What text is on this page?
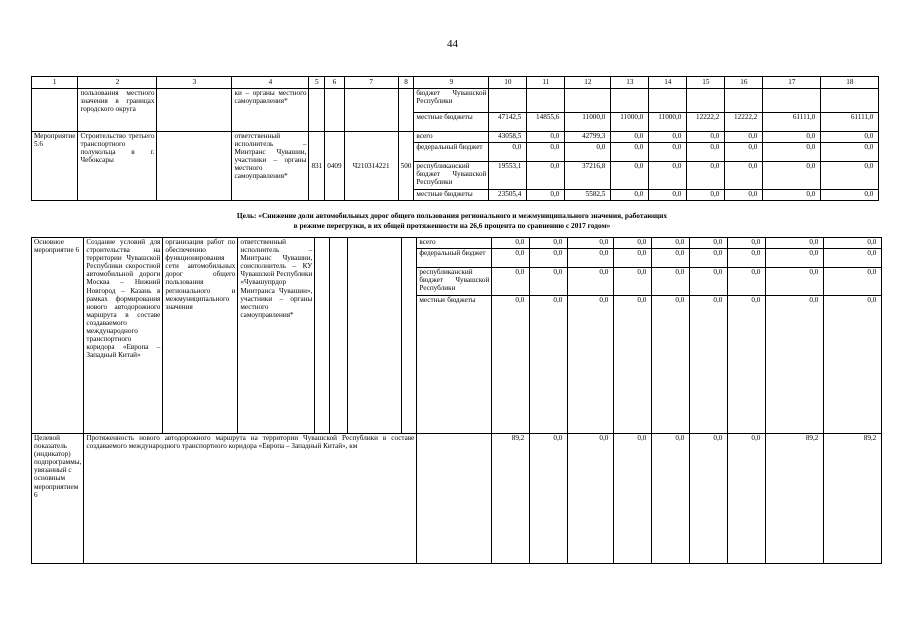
44
1	2	3	4	5	6	7	8	9	10	11	12	13	14	15	16	17	18
	пользования местного значения в границах городского округа		ки – органы местного самоуправления*					бюджет Чувашской Республики									
								местные бюджеты	47142,5	14855,6	11000,0	11000,0	11000,0	12222,2	12222,2	61111,0	61111,0
Мероприятие 5.6	Строительство третьего транспортного полукольца в г. Чебоксары		ответственный исполнитель – Минтранс Чувашии, участники – органы местного самоуправления*	831	0409	Ч210314221	500	всего	43058,5	0,0	42799,3	0,0	0,0	0,0	0,0	0,0	0,0
								федеральный бюджет	0,0	0,0	0,0	0,0	0,0	0,0	0,0	0,0	0,0
								республиканский бюджет Чувашской Республики	19553,1	0,0	37216,8	0,0	0,0	0,0	0,0	0,0	0,0
								местные бюджеты	23505,4	0,0	5582,5	0,0	0,0	0,0	0,0	0,0	0,0
Цель: «Снижение доли автомобильных дорог общего пользования регионального и межмуниципального значения, работающих
в режиме перегрузки, в их общей протяженности на 26,6 процента по сравнению с 2017 годом»
Основное мероприятие 6	Создание условий для строительства на территории Чувашской Республики скоростной автомобильной дороги Москва – Нижний Новгород – Казань в рамках формирования нового автодорожного маршрута в составе создаваемого международного транспортного коридора «Европа – Западный Китай»	организация работ по обеспечению функционирования сети автомобильных дорог общего пользования регионального и межмуниципального значения	ответственный исполнитель – Минтранс Чувашии, соисполнитель – КУ Чувашской Республики «Чувашупрдор Минтранса Чувашии», участники – органы местного самоуправления*					всего	0,0	0,0	0,0	0,0	0,0	0,0	0,0	0,0	0,0
								федеральный бюджет	0,0	0,0	0,0	0,0	0,0	0,0	0,0	0,0	0,0
								республиканский бюджет Чувашской Республики	0,0	0,0	0,0	0,0	0,0	0,0	0,0	0,0	0,0
								местные бюджеты	0,0	0,0	0,0	0,0	0,0	0,0	0,0	0,0	0,0
Целевой показатель (индикатор) подпрограммы, увязанный с основным мероприятием 6	Протяженность нового автодорожного маршрута на территории Чувашской Республики в составе создаваемого международного транспортного коридора «Европа – Западный Китай», км								89,2	0,0	0,0	0,0	0,0	0,0	0,0	89,2	89,2
